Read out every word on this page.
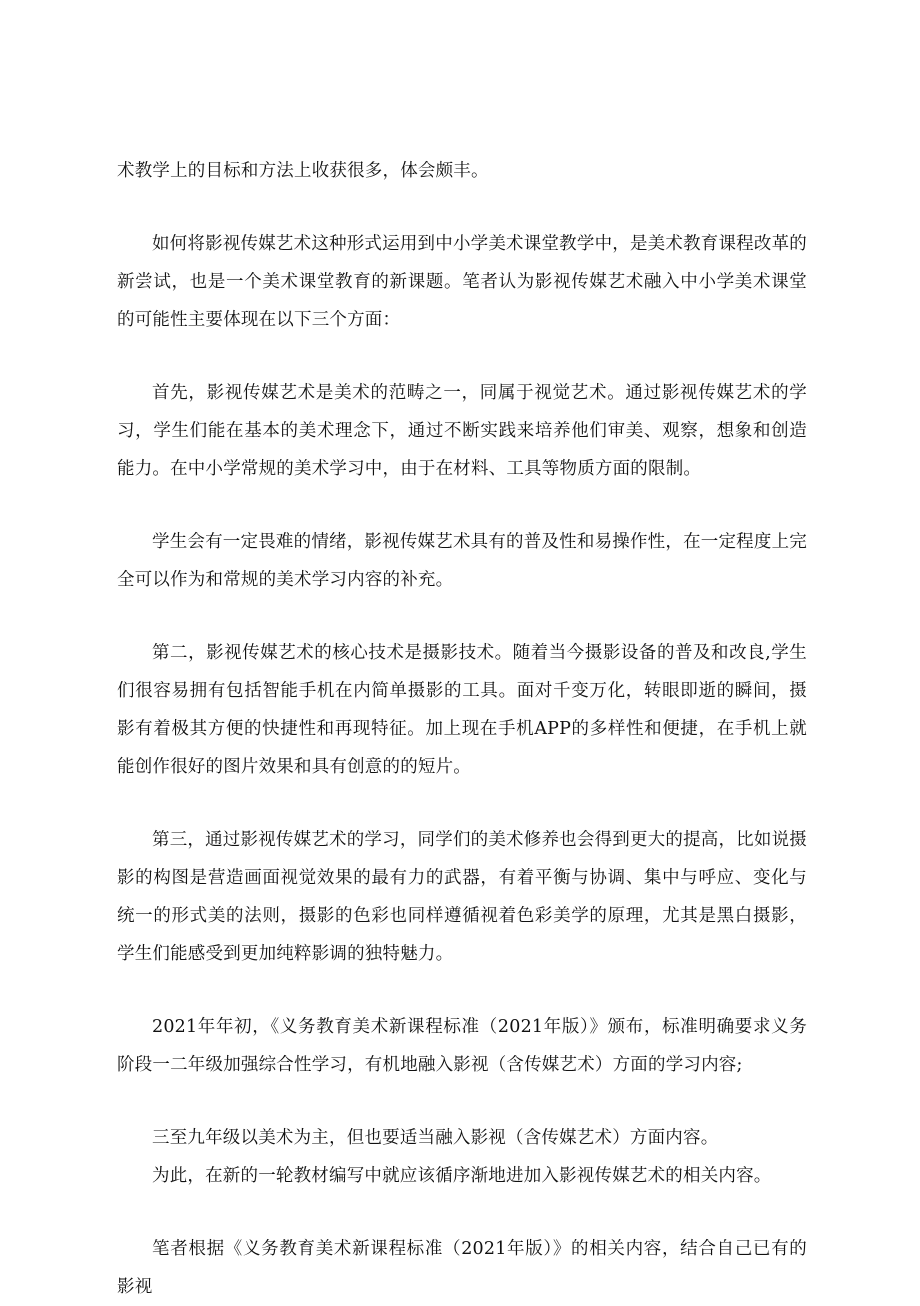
术教学上的目标和方法上收获很多，体会颇丰。

如何将影视传媒艺术这种形式运用到中小学美术课堂教学中，是美术教育课程改革的新尝试，也是一个美术课堂教育的新课题。笔者认为影视传媒艺术融入中小学美术课堂的可能性主要体现在以下三个方面：

首先，影视传媒艺术是美术的范畴之一，同属于视觉艺术。通过影视传媒艺术的学习，学生们能在基本的美术理念下，通过不断实践来培养他们审美、观察，想象和创造能力。在中小学常规的美术学习中，由于在材料、工具等物质方面的限制。

学生会有一定畏难的情绪，影视传媒艺术具有的普及性和易操作性，在一定程度上完全可以作为和常规的美术学习内容的补充。

第二，影视传媒艺术的核心技术是摄影技术。随着当今摄影设备的普及和改良,学生们很容易拥有包括智能手机在内简单摄影的工具。面对千变万化，转眼即逝的瞬间，摄影有着极其方便的快捷性和再现特征。加上现在手机APP的多样性和便捷，在手机上就能创作很好的图片效果和具有创意的的短片。

第三，通过影视传媒艺术的学习，同学们的美术修养也会得到更大的提高，比如说摄影的构图是营造画面视觉效果的最有力的武器，有着平衡与协调、集中与呼应、变化与统一的形式美的法则，摄影的色彩也同样遵循视着色彩美学的原理，尤其是黑白摄影，学生们能感受到更加纯粹影调的独特魅力。

2021年年初，《义务教育美术新课程标准（2021年版）》颁布，标准明确要求义务阶段一二年级加强综合性学习，有机地融入影视（含传媒艺术）方面的学习内容;

三至九年级以美术为主，但也要适当融入影视（含传媒艺术）方面内容。

为此，在新的一轮教材编写中就应该循序渐地进加入影视传媒艺术的相关内容。

笔者根据《义务教育美术新课程标准（2021年版）》的相关内容，结合自己已有的影视
